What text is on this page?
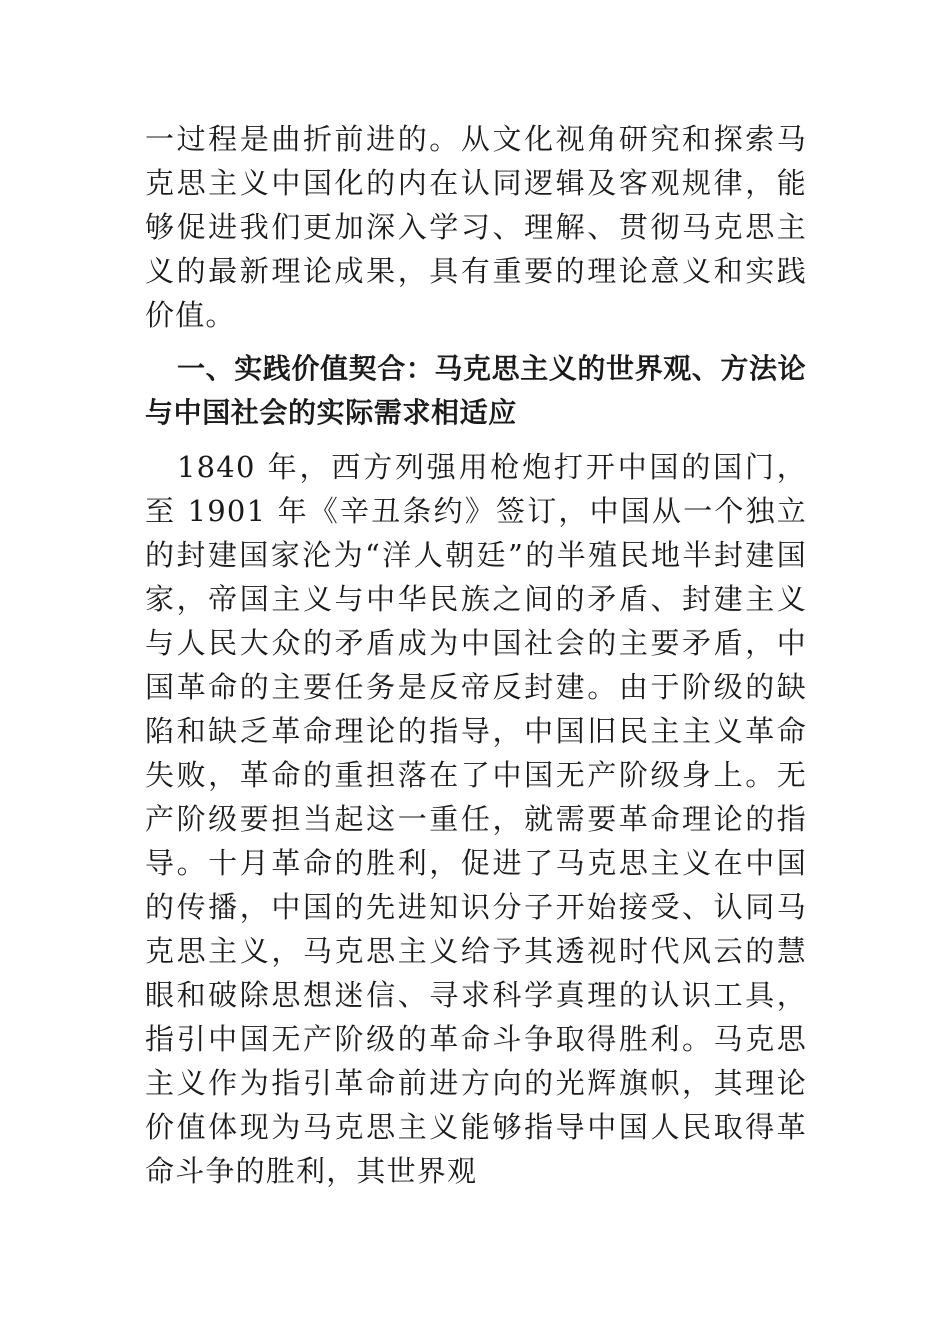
一过程是曲折前进的。从文化视角研究和探索马克思主义中国化的内在认同逻辑及客观规律，能够促进我们更加深入学习、理解、贯彻马克思主义的最新理论成果，具有重要的理论意义和实践价值。

一、实践价值契合：马克思主义的世界观、方法论与中国社会的实际需求相适应

1840 年，西方列强用枪炮打开中国的国门，至 1901 年《辛丑条约》签订，中国从一个独立的封建国家沦为“洋人朝廷”的半殖民地半封建国家，帝国主义与中华民族之间的矛盾、封建主义与人民大众的矛盾成为中国社会的主要矛盾，中国革命的主要任务是反帝反封建。由于阶级的缺陷和缺乏革命理论的指导，中国旧民主主义革命失败，革命的重担落在了中国无产阶级身上。无产阶级要担当起这一重任，就需要革命理论的指导。十月革命的胜利，促进了马克思主义在中国的传播，中国的先进知识分子开始接受、认同马克思主义，马克思主义给予其透视时代风云的慧眼和破除思想迷信、寻求科学真理的认识工具，指引中国无产阶级的革命斗争取得胜利。马克思主义作为指引革命前进方向的光辉旗帜，其理论价值体现为马克思主义能够指导中国人民取得革命斗争的胜利，其世界观
